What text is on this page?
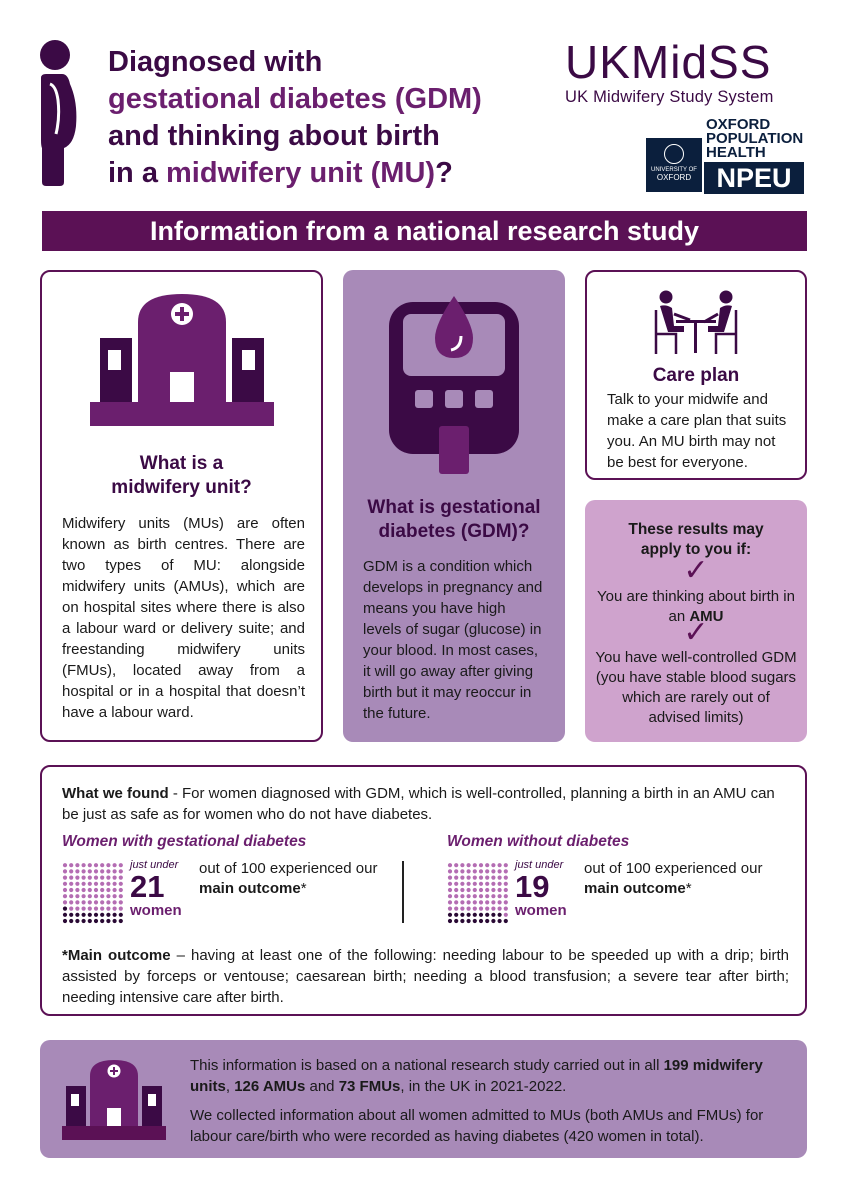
Diagnosed with
gestational diabetes (GDM)
and thinking about birth
in a midwifery unit (MU)?
UKMidSS
UK Midwifery Study System
UNIVERSITY OF
OXFORD
OXFORD
POPULATION
HEALTH
NPEU
Information from a national research study
What is a
midwifery unit?
Midwifery units (MUs) are often known as birth centres. There are two types of MU: alongside midwifery units (AMUs), which are on hospital sites where there is also a labour ward or delivery suite; and freestanding midwifery units (FMUs), located away from a hospital or in a hospital that doesn’t have a labour ward.
What is gestational
diabetes (GDM)?
GDM is a condition which develops in pregnancy and means you have high levels of sugar (glucose) in your blood. In most cases, it will go away after giving birth but it may reoccur in the future.
Care plan
Talk to your midwife and make a care plan that suits you. An MU birth may not be best for everyone.
These results may
apply to you if:
✓
You are thinking about birth in an AMU
✓
You have well-controlled GDM (you have stable blood sugars which are rarely out of advised limits)
What we found - For women diagnosed with GDM, which is well-controlled, planning a birth in an AMU can be just as safe as for women who do not have diabetes.
Women with gestational diabetes
just under
21
women
out of 100 experienced our main outcome*
Women without diabetes
just under
19
women
out of 100 experienced our main outcome*
*Main outcome – having at least one of the following: needing labour to be speeded up with a drip; birth assisted by forceps or ventouse; caesarean birth; needing a blood transfusion; a severe tear after birth; needing intensive care after birth.
This information is based on a national research study carried out in all 199 midwifery units, 126 AMUs and 73 FMUs, in the UK in 2021-2022.
We collected information about all women admitted to MUs (both AMUs and FMUs) for labour care/birth who were recorded as having diabetes (420 women in total).
